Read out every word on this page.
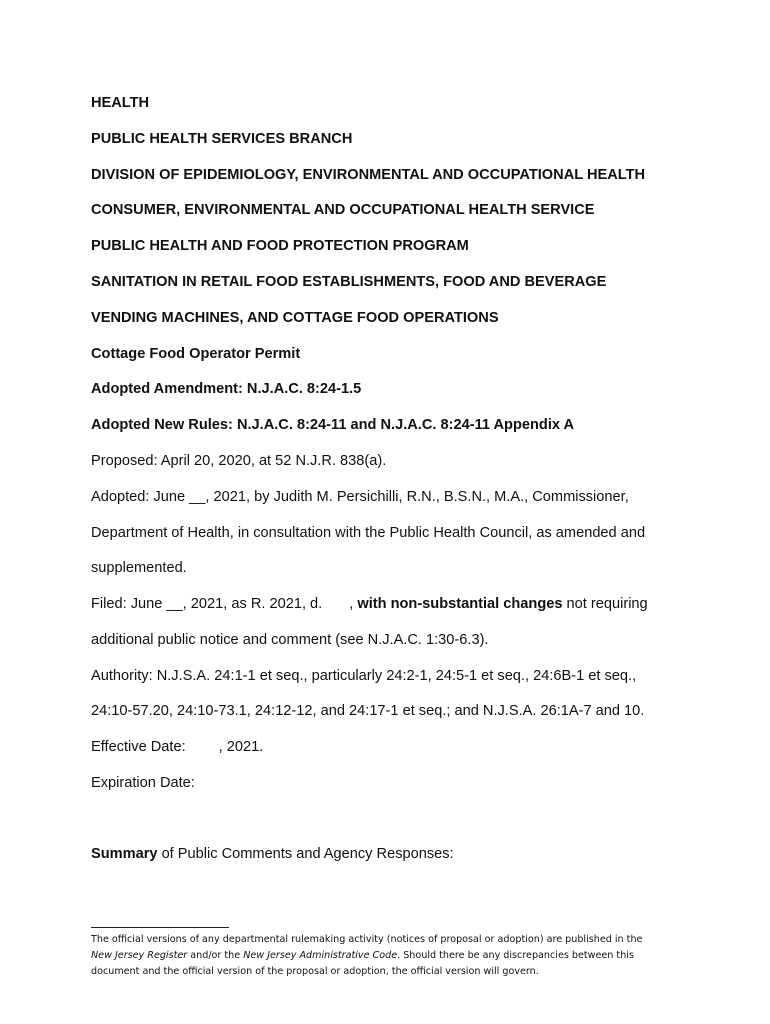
HEALTH
PUBLIC HEALTH SERVICES BRANCH
DIVISION OF EPIDEMIOLOGY, ENVIRONMENTAL AND OCCUPATIONAL HEALTH
CONSUMER, ENVIRONMENTAL AND OCCUPATIONAL HEALTH SERVICE
PUBLIC HEALTH AND FOOD PROTECTION PROGRAM
SANITATION IN RETAIL FOOD ESTABLISHMENTS, FOOD AND BEVERAGE
VENDING MACHINES, AND COTTAGE FOOD OPERATIONS
Cottage Food Operator Permit
Adopted Amendment: N.J.A.C. 8:24-1.5
Adopted New Rules: N.J.A.C. 8:24-11 and N.J.A.C. 8:24-11 Appendix A
Proposed: April 20, 2020, at 52 N.J.R. 838(a).
Adopted: June __, 2021, by Judith M. Persichilli, R.N., B.S.N., M.A., Commissioner,
Department of Health, in consultation with the Public Health Council, as amended and
supplemented.
Filed: June __, 2021, as R. 2021, d. , with non-substantial changes not requiring
additional public notice and comment (see N.J.A.C. 1:30-6.3).
Authority: N.J.S.A. 24:1-1 et seq., particularly 24:2-1, 24:5-1 et seq., 24:6B-1 et seq.,
24:10-57.20, 24:10-73.1, 24:12-12, and 24:17-1 et seq.; and N.J.S.A. 26:1A-7 and 10.
Effective Date: , 2021.
Expiration Date:
Summary of Public Comments and Agency Responses:
The official versions of any departmental rulemaking activity (notices of proposal or adoption) are published in the
New Jersey Register and/or the New Jersey Administrative Code. Should there be any discrepancies between this
document and the official version of the proposal or adoption, the official version will govern.
